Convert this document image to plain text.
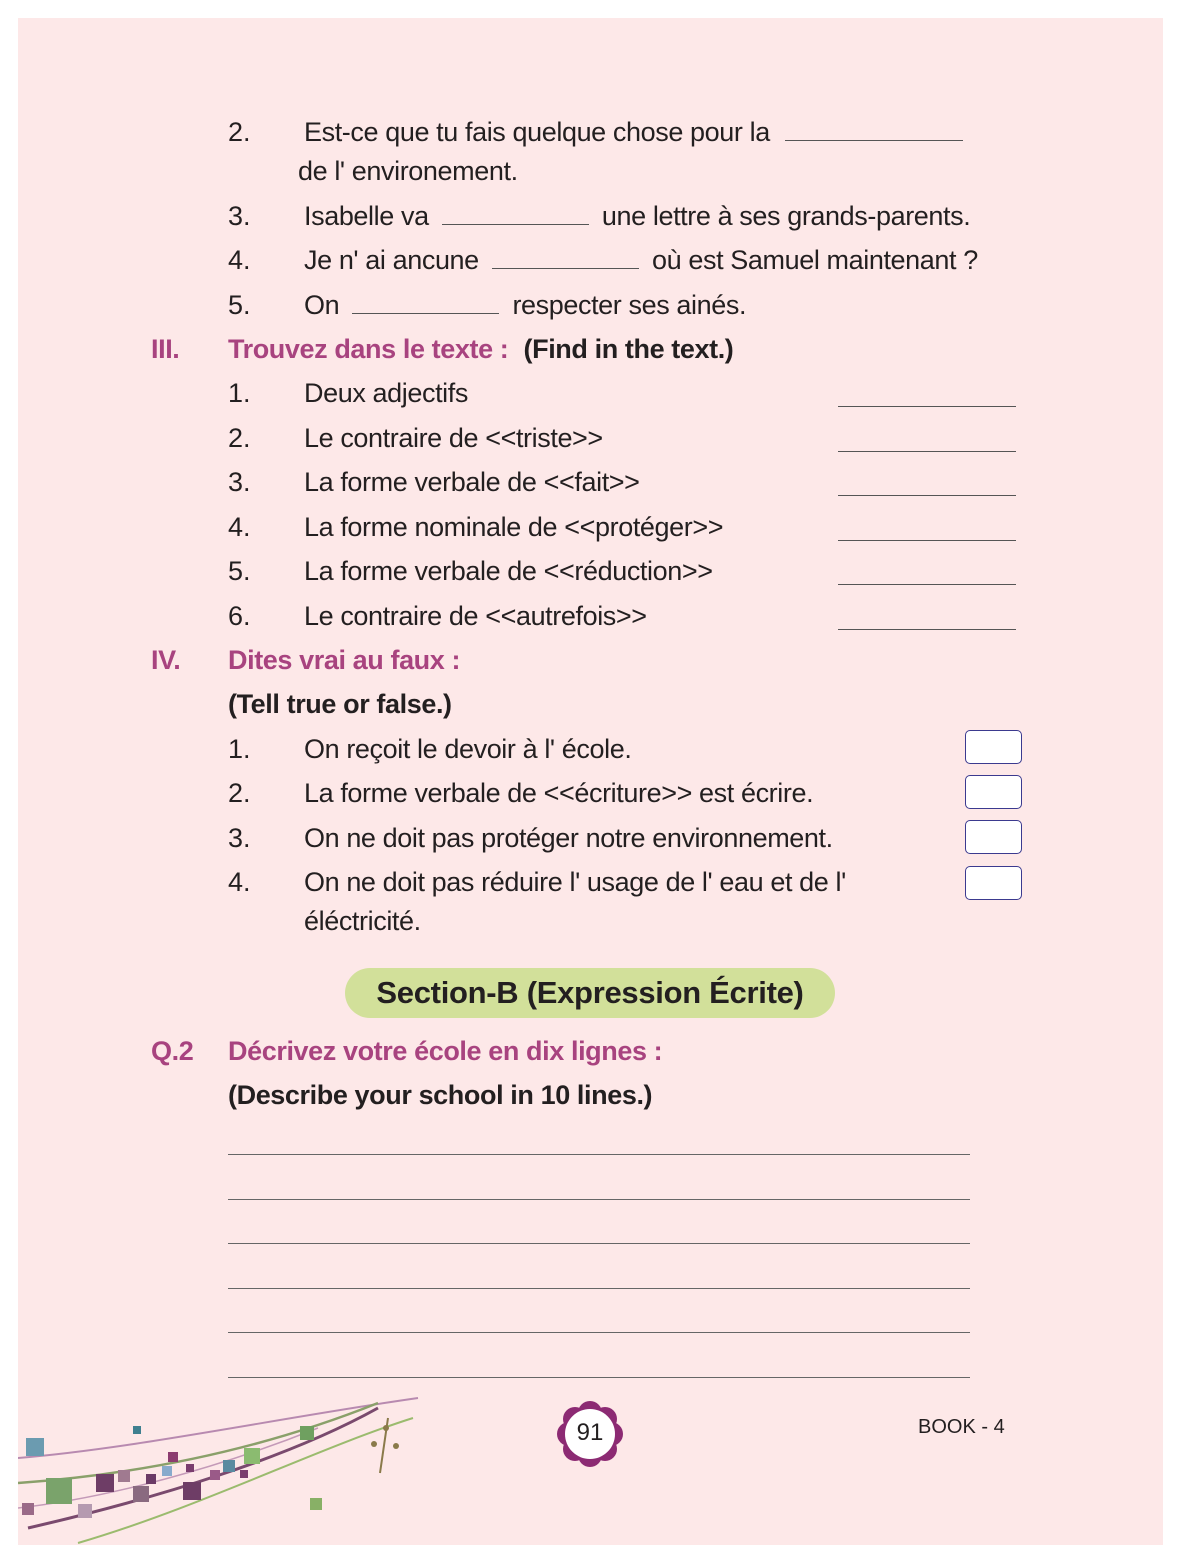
2. Est-ce que tu fais quelque chose pour la
de l' environement.
3. Isabelle va	une lettre à ses grands-parents.
4. Je n' ai ancune	où est Samuel maintenant ?
5. On	respecter ses ainés.
III. Trouvez dans le texte : (Find in the text.)
1. Deux adjectifs
2. Le contraire de <<triste>>
3. La forme verbale de <<fait>>
4. La forme nominale de <<protéger>>
5. La forme verbale de <<réduction>>
6. Le contraire de <<autrefois>>
IV. Dites vrai au faux :
(Tell true or false.)
1. On reçoit le devoir à l' école.
2. La forme verbale de <<écriture>> est écrire.
3. On ne doit pas protéger notre environnement.
4. On ne doit pas réduire l' usage de l' eau et de l'
éléctricité.
Section-B (Expression Écrite)
Q.2 Décrivez votre école en dix lignes :
(Describe your school in 10 lines.)
91	BOOK - 4
